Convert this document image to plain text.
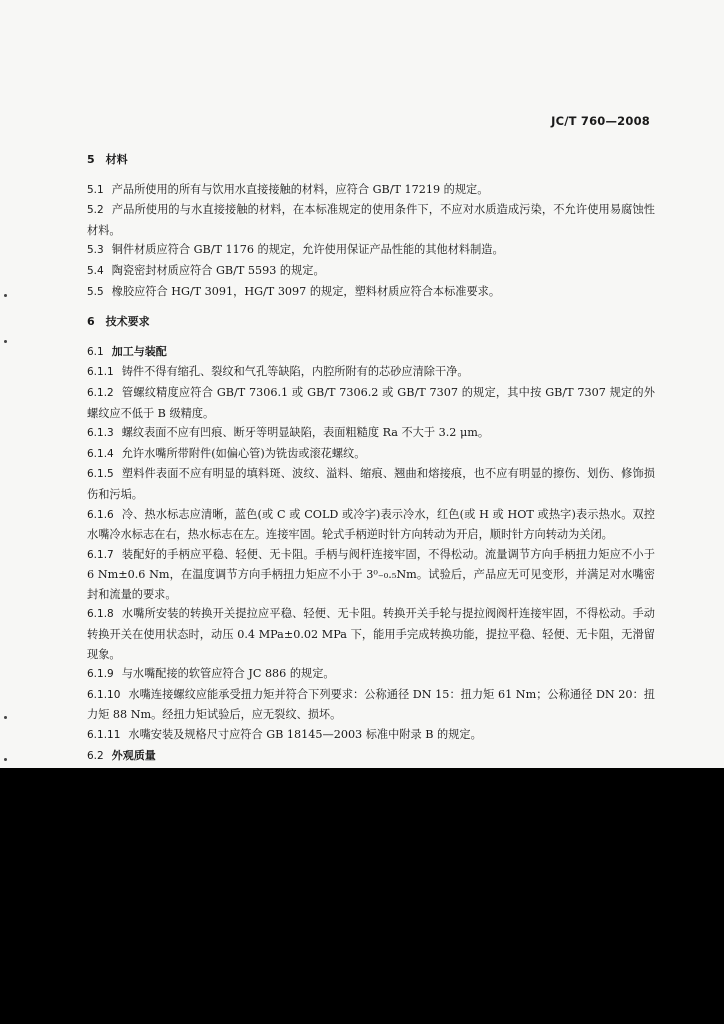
JC/T 760—2008
5　材料
5.1 产品所使用的所有与饮用水直接接触的材料，应符合 GB/T 17219 的规定。
5.2 产品所使用的与水直接接触的材料，在本标准规定的使用条件下，不应对水质造成污染，不允许使用易腐蚀性材料。
5.3 铜件材质应符合 GB/T 1176 的规定，允许使用保证产品性能的其他材料制造。
5.4 陶瓷密封材质应符合 GB/T 5593 的规定。
5.5 橡胶应符合 HG/T 3091，HG/T 3097 的规定，塑料材质应符合本标准要求。
6　技术要求
6.1 加工与装配
6.1.1 铸件不得有缩孔、裂纹和气孔等缺陷，内腔所附有的芯砂应清除干净。
6.1.2 管螺纹精度应符合 GB/T 7306.1 或 GB/T 7306.2 或 GB/T 7307 的规定，其中按 GB/T 7307 规定的外螺纹应不低于 B 级精度。
6.1.3 螺纹表面不应有凹痕、断牙等明显缺陷，表面粗糙度 Ra 不大于 3.2 μm。
6.1.4 允许水嘴所带附件(如偏心管)为铣齿或滚花螺纹。
6.1.5 塑料件表面不应有明显的填料斑、波纹、溢料、缩痕、翘曲和熔接痕，也不应有明显的擦伤、划伤、修饰损伤和污垢。
6.1.6 冷、热水标志应清晰，蓝色(或 C 或 COLD 或冷字)表示冷水，红色(或 H 或 HOT 或热字)表示热水。双控水嘴冷水标志在右，热水标志在左。连接牢固。轮式手柄逆时针方向转动为开启，顺时针方向转动为关闭。
6.1.7 装配好的手柄应平稳、轻便、无卡阻。手柄与阀杆连接牢固，不得松动。流量调节方向手柄扭力矩应不小于 6 Nm±0.6 Nm，在温度调节方向手柄扭力矩应不小于 3⁰₋₀.₅Nm。试验后，产品应无可见变形，并满足对水嘴密封和流量的要求。
6.1.8 水嘴所安装的转换开关提拉应平稳、轻便、无卡阻。转换开关手轮与提拉阀阀杆连接牢固，不得松动。手动转换开关在使用状态时，动压 0.4 MPa±0.02 MPa 下，能用手完成转换功能，提拉平稳、轻便、无卡阻，无滑留现象。
6.1.9 与水嘴配接的软管应符合 JC 886 的规定。
6.1.10 水嘴连接螺纹应能承受扭力矩并符合下列要求：公称通径 DN 15：扭力矩 61 Nm；公称通径 DN 20：扭力矩 88 Nm。经扭力矩试验后，应无裂纹、损坏。
6.1.11 水嘴安装及规格尺寸应符合 GB 18145—2003 标准中附录 B 的规定。
6.2 外观质量
